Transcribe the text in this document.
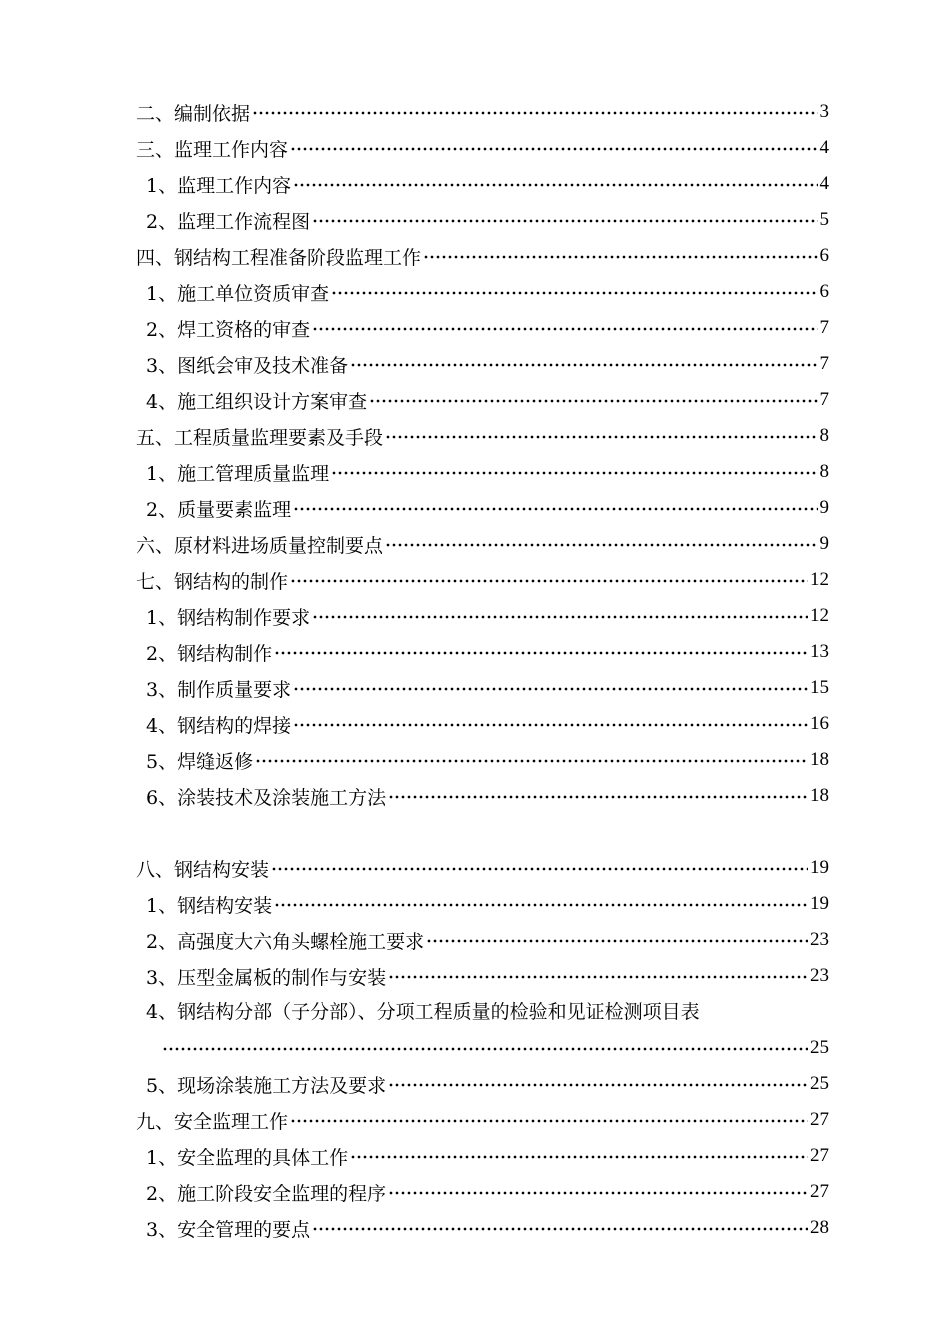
二、编制依据	3
三、监理工作内容	4
1、监理工作内容	4
2、监理工作流程图	5
四、钢结构工程准备阶段监理工作	6
1、施工单位资质审查	6
2、焊工资格的审查	7
3、图纸会审及技术准备	7
4、施工组织设计方案审查	7
五、工程质量监理要素及手段	8
1、施工管理质量监理	8
2、质量要素监理	9
六、原材料进场质量控制要点	9
七、钢结构的制作	12
1、钢结构制作要求	12
2、钢结构制作	13
3、制作质量要求	15
4、钢结构的焊接	16
5、焊缝返修	18
6、涂装技术及涂装施工方法	18
八、钢结构安装	19
1、钢结构安装	19
2、高强度大六角头螺栓施工要求	23
3、压型金属板的制作与安装	23
4、钢结构分部（子分部）、分项工程质量的检验和见证检测项目表
25
5、现场涂装施工方法及要求	25
九、安全监理工作	27
1、安全监理的具体工作	27
2、施工阶段安全监理的程序	27
3、安全管理的要点	28
